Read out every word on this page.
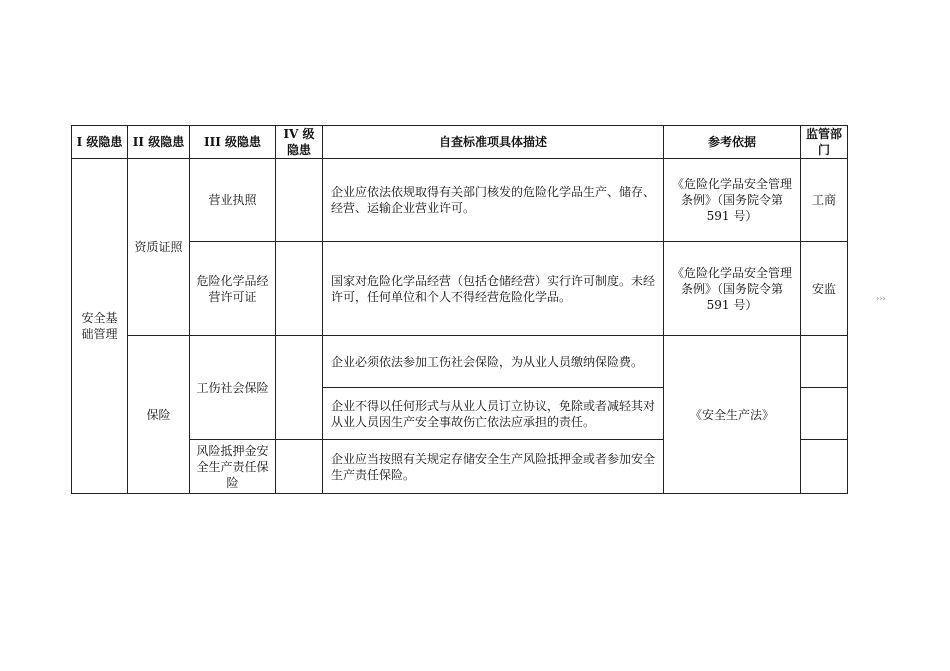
I 级隐患	II 级隐患	III 级隐患	IV 级隐患	自查标准项具体描述	参考依据	监管部门
安全基础管理	资质证照	营业执照		企业应依法依规取得有关部门核发的危险化学品生产、储存、经营、运输企业营业许可。	《危险化学品安全管理条例》（国务院令第 591 号）	工商
		危险化学品经营许可证		国家对危险化学品经营（包括仓储经营）实行许可制度。未经许可，任何单位和个人不得经营危险化学品。	《危险化学品安全管理条例》（国务院令第 591 号）	安监
	保险	工伤社会保险		企业必须依法参加工伤社会保险，为从业人员缴纳保险费。	《安全生产法》	
				企业不得以任何形式与从业人员订立协议，免除或者减轻其对从业人员因生产安全事故伤亡依法应承担的责任。		
		风险抵押金安全生产责任保险		企业应当按照有关规定存储安全生产风险抵押金或者参加安全生产责任保险。		
›››
